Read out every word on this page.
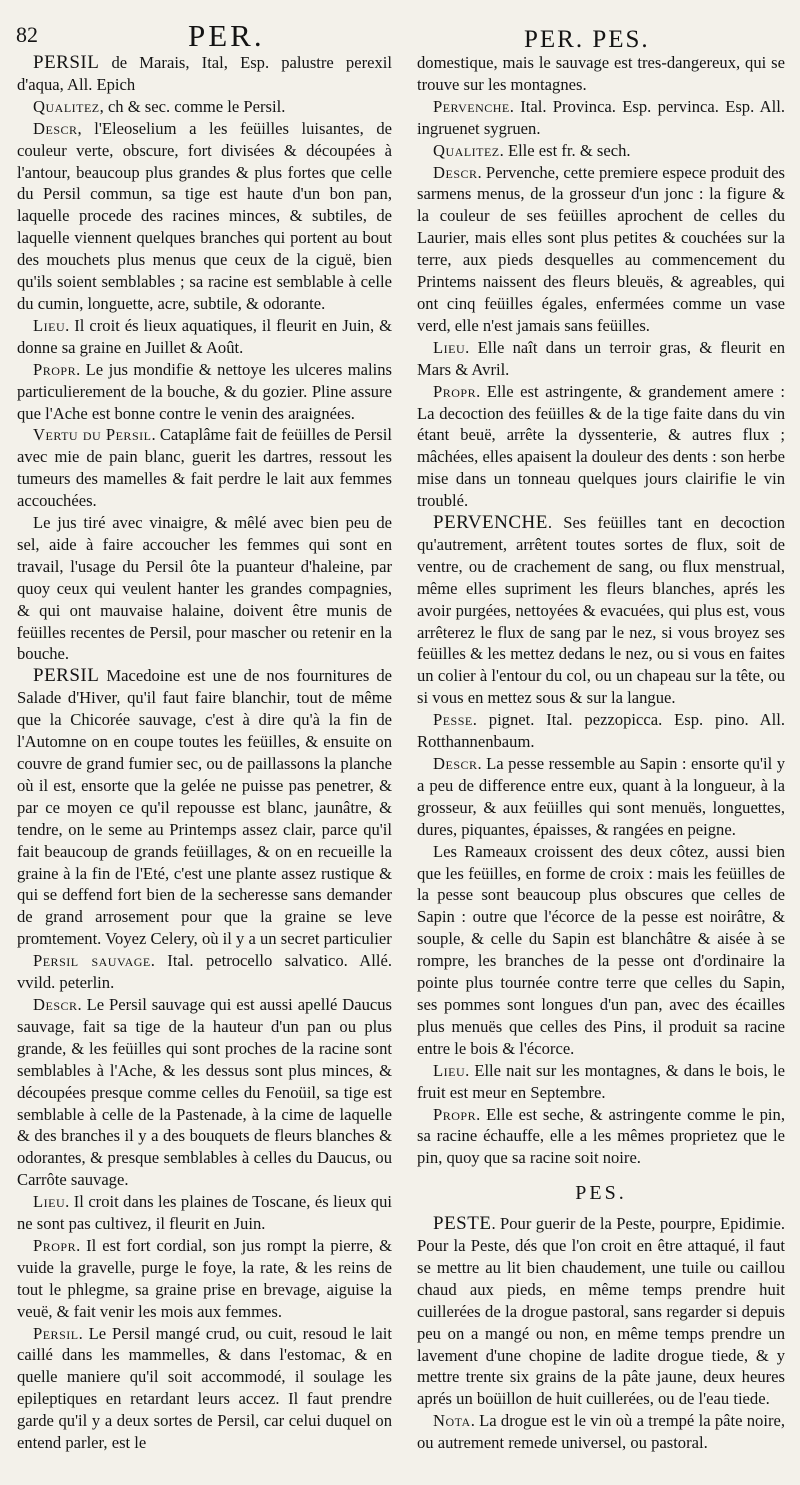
82	PER.	PER. PES.

PERSIL de Marais, Ital, Esp. palustre perexil d'aqua, All. Epich

Qualitez, ch & sec. comme le Persil.

Descr, l'Eleoselium a les feüilles luisantes, de couleur verte, obscure, fort divisées & découpées à l'antour, beaucoup plus grandes & plus fortes que celle du Persil commun, sa tige est haute d'un bon pan, laquelle procede des racines minces, & subtiles, de laquelle viennent quelques branches qui portent au bout des mouchets plus menus que ceux de la ciguë, bien qu'ils soient semblables ; sa racine est semblable à celle du cumin, longuette, acre, subtile, & odorante.

Lieu. Il croit és lieux aquatiques, il fleurit en Juin, & donne sa graine en Juillet & Août.

Propr. Le jus mondifie & nettoye les ulceres malins particulierement de la bouche, & du gozier. Pline assure que l'Ache est bonne contre le venin des araignées.

Vertu du Persil. Cataplâme fait de feüilles de Persil avec mie de pain blanc, guerit les dartres, ressout les tumeurs des mamelles & fait perdre le lait aux femmes accouchées.

Le jus tiré avec vinaigre, & mêlé avec bien peu de sel, aide à faire accoucher les femmes qui sont en travail, l'usage du Persil ôte la puanteur d'haleine, par quoy ceux qui veulent hanter les grandes compagnies, & qui ont mauvaise halaine, doivent être munis de feüilles recentes de Persil, pour mascher ou retenir en la bouche.

PERSIL Macedoine est une de nos fournitures de Salade d'Hiver, qu'il faut faire blanchir, tout de même que la Chicorée sauvage, c'est à dire qu'à la fin de l'Automne on en coupe toutes les feüilles, & ensuite on couvre de grand fumier sec, ou de paillassons la planche où il est, ensorte que la gelée ne puisse pas penetrer, & par ce moyen ce qu'il repousse est blanc, jaunâtre, & tendre, on le seme au Printemps assez clair, parce qu'il fait beaucoup de grands feüillages, & on en recueille la graine à la fin de l'Eté, c'est une plante assez rustique & qui se deffend fort bien de la secheresse sans demander de grand arrosement pour que la graine se leve promtement. Voyez Celery, où il y a un secret particulier

Persil sauvage. Ital. petrocello salvatico. Allé. vvild. peterlin.

Descr. Le Persil sauvage qui est aussi apellé Daucus sauvage, fait sa tige de la hauteur d'un pan ou plus grande, & les feüilles qui sont proches de la racine sont semblables à l'Ache, & les dessus sont plus minces, & découpées presque comme celles du Fenoüil, sa tige est semblable à celle de la Pastenade, à la cime de laquelle & des branches il y a des bouquets de fleurs blanches & odorantes, & presque semblables à celles du Daucus, ou Carrôte sauvage.

Lieu. Il croit dans les plaines de Toscane, és lieux qui ne sont pas cultivez, il fleurit en Juin.

Propr. Il est fort cordial, son jus rompt la pierre, & vuide la gravelle, purge le foye, la rate, & les reins de tout le phlegme, sa graine prise en brevage, aiguise la veuë, & fait venir les mois aux femmes.

Persil. Le Persil mangé crud, ou cuit, resoud le lait caillé dans les mammelles, & dans l'estomac, & en quelle maniere qu'il soit accommodé, il soulage les epileptiques en retardant leurs accez. Il faut prendre garde qu'il y a deux sortes de Persil, car celui duquel on entend parler, est le

domestique, mais le sauvage est tres-dangereux, qui se trouve sur les montagnes.

Pervenche. Ital. Provinca. Esp. pervinca. Esp. All. ingruenet sygruen.

Qualitez. Elle est fr. & sech.

Descr. Pervenche, cette premiere espece produit des sarmens menus, de la grosseur d'un jonc : la figure & la couleur de ses feüilles aprochent de celles du Laurier, mais elles sont plus petites & couchées sur la terre, aux pieds desquelles au commencement du Printems naissent des fleurs bleuës, & agreables, qui ont cinq feüilles égales, enfermées comme un vase verd, elle n'est jamais sans feüilles.

Lieu. Elle naît dans un terroir gras, & fleurit en Mars & Avril.

Propr. Elle est astringente, & grandement amere : La decoction des feüilles & de la tige faite dans du vin étant beuë, arrête la dyssenterie, & autres flux ; mâchées, elles apaisent la douleur des dents : son herbe mise dans un tonneau quelques jours clairifie le vin troublé.

PERVENCHE. Ses feüilles tant en decoction qu'autrement, arrêtent toutes sortes de flux, soit de ventre, ou de crachement de sang, ou flux menstrual, même elles supriment les fleurs blanches, aprés les avoir purgées, nettoyées & evacuées, qui plus est, vous arrêterez le flux de sang par le nez, si vous broyez ses feüilles & les mettez dedans le nez, ou si vous en faites un colier à l'entour du col, ou un chapeau sur la tête, ou si vous en mettez sous & sur la langue.

Pesse. pignet. Ital. pezzopicca. Esp. pino. All. Rotthannenbaum.

Descr. La pesse ressemble au Sapin : ensorte qu'il y a peu de difference entre eux, quant à la longueur, à la grosseur, & aux feüilles qui sont menuës, longuettes, dures, piquantes, épaisses, & rangées en peigne.

Les Rameaux croissent des deux côtez, aussi bien que les feüilles, en forme de croix : mais les feüilles de la pesse sont beaucoup plus obscures que celles de Sapin : outre que l'écorce de la pesse est noirâtre, & souple, & celle du Sapin est blanchâtre & aisée à se rompre, les branches de la pesse ont d'ordinaire la pointe plus tournée contre terre que celles du Sapin, ses pommes sont longues d'un pan, avec des écailles plus menuës que celles des Pins, il produit sa racine entre le bois & l'écorce.

Lieu. Elle nait sur les montagnes, & dans le bois, le fruit est meur en Septembre.

Propr. Elle est seche, & astringente comme le pin, sa racine échauffe, elle a les mêmes proprietez que le pin, quoy que sa racine soit noire.

PES.

PESTE. Pour guerir de la Peste, pourpre, Epidimie. Pour la Peste, dés que l'on croit en être attaqué, il faut se mettre au lit bien chaudement, une tuile ou caillou chaud aux pieds, en même temps prendre huit cuillerées de la drogue pastoral, sans regarder si depuis peu on a mangé ou non, en même temps prendre un lavement d'une chopine de ladite drogue tiede, & y mettre trente six grains de la pâte jaune, deux heures aprés un boüillon de huit cuillerées, ou de l'eau tiede.

Nota. La drogue est le vin où a trempé la pâte noire, ou autrement remede universel, ou pastoral.
